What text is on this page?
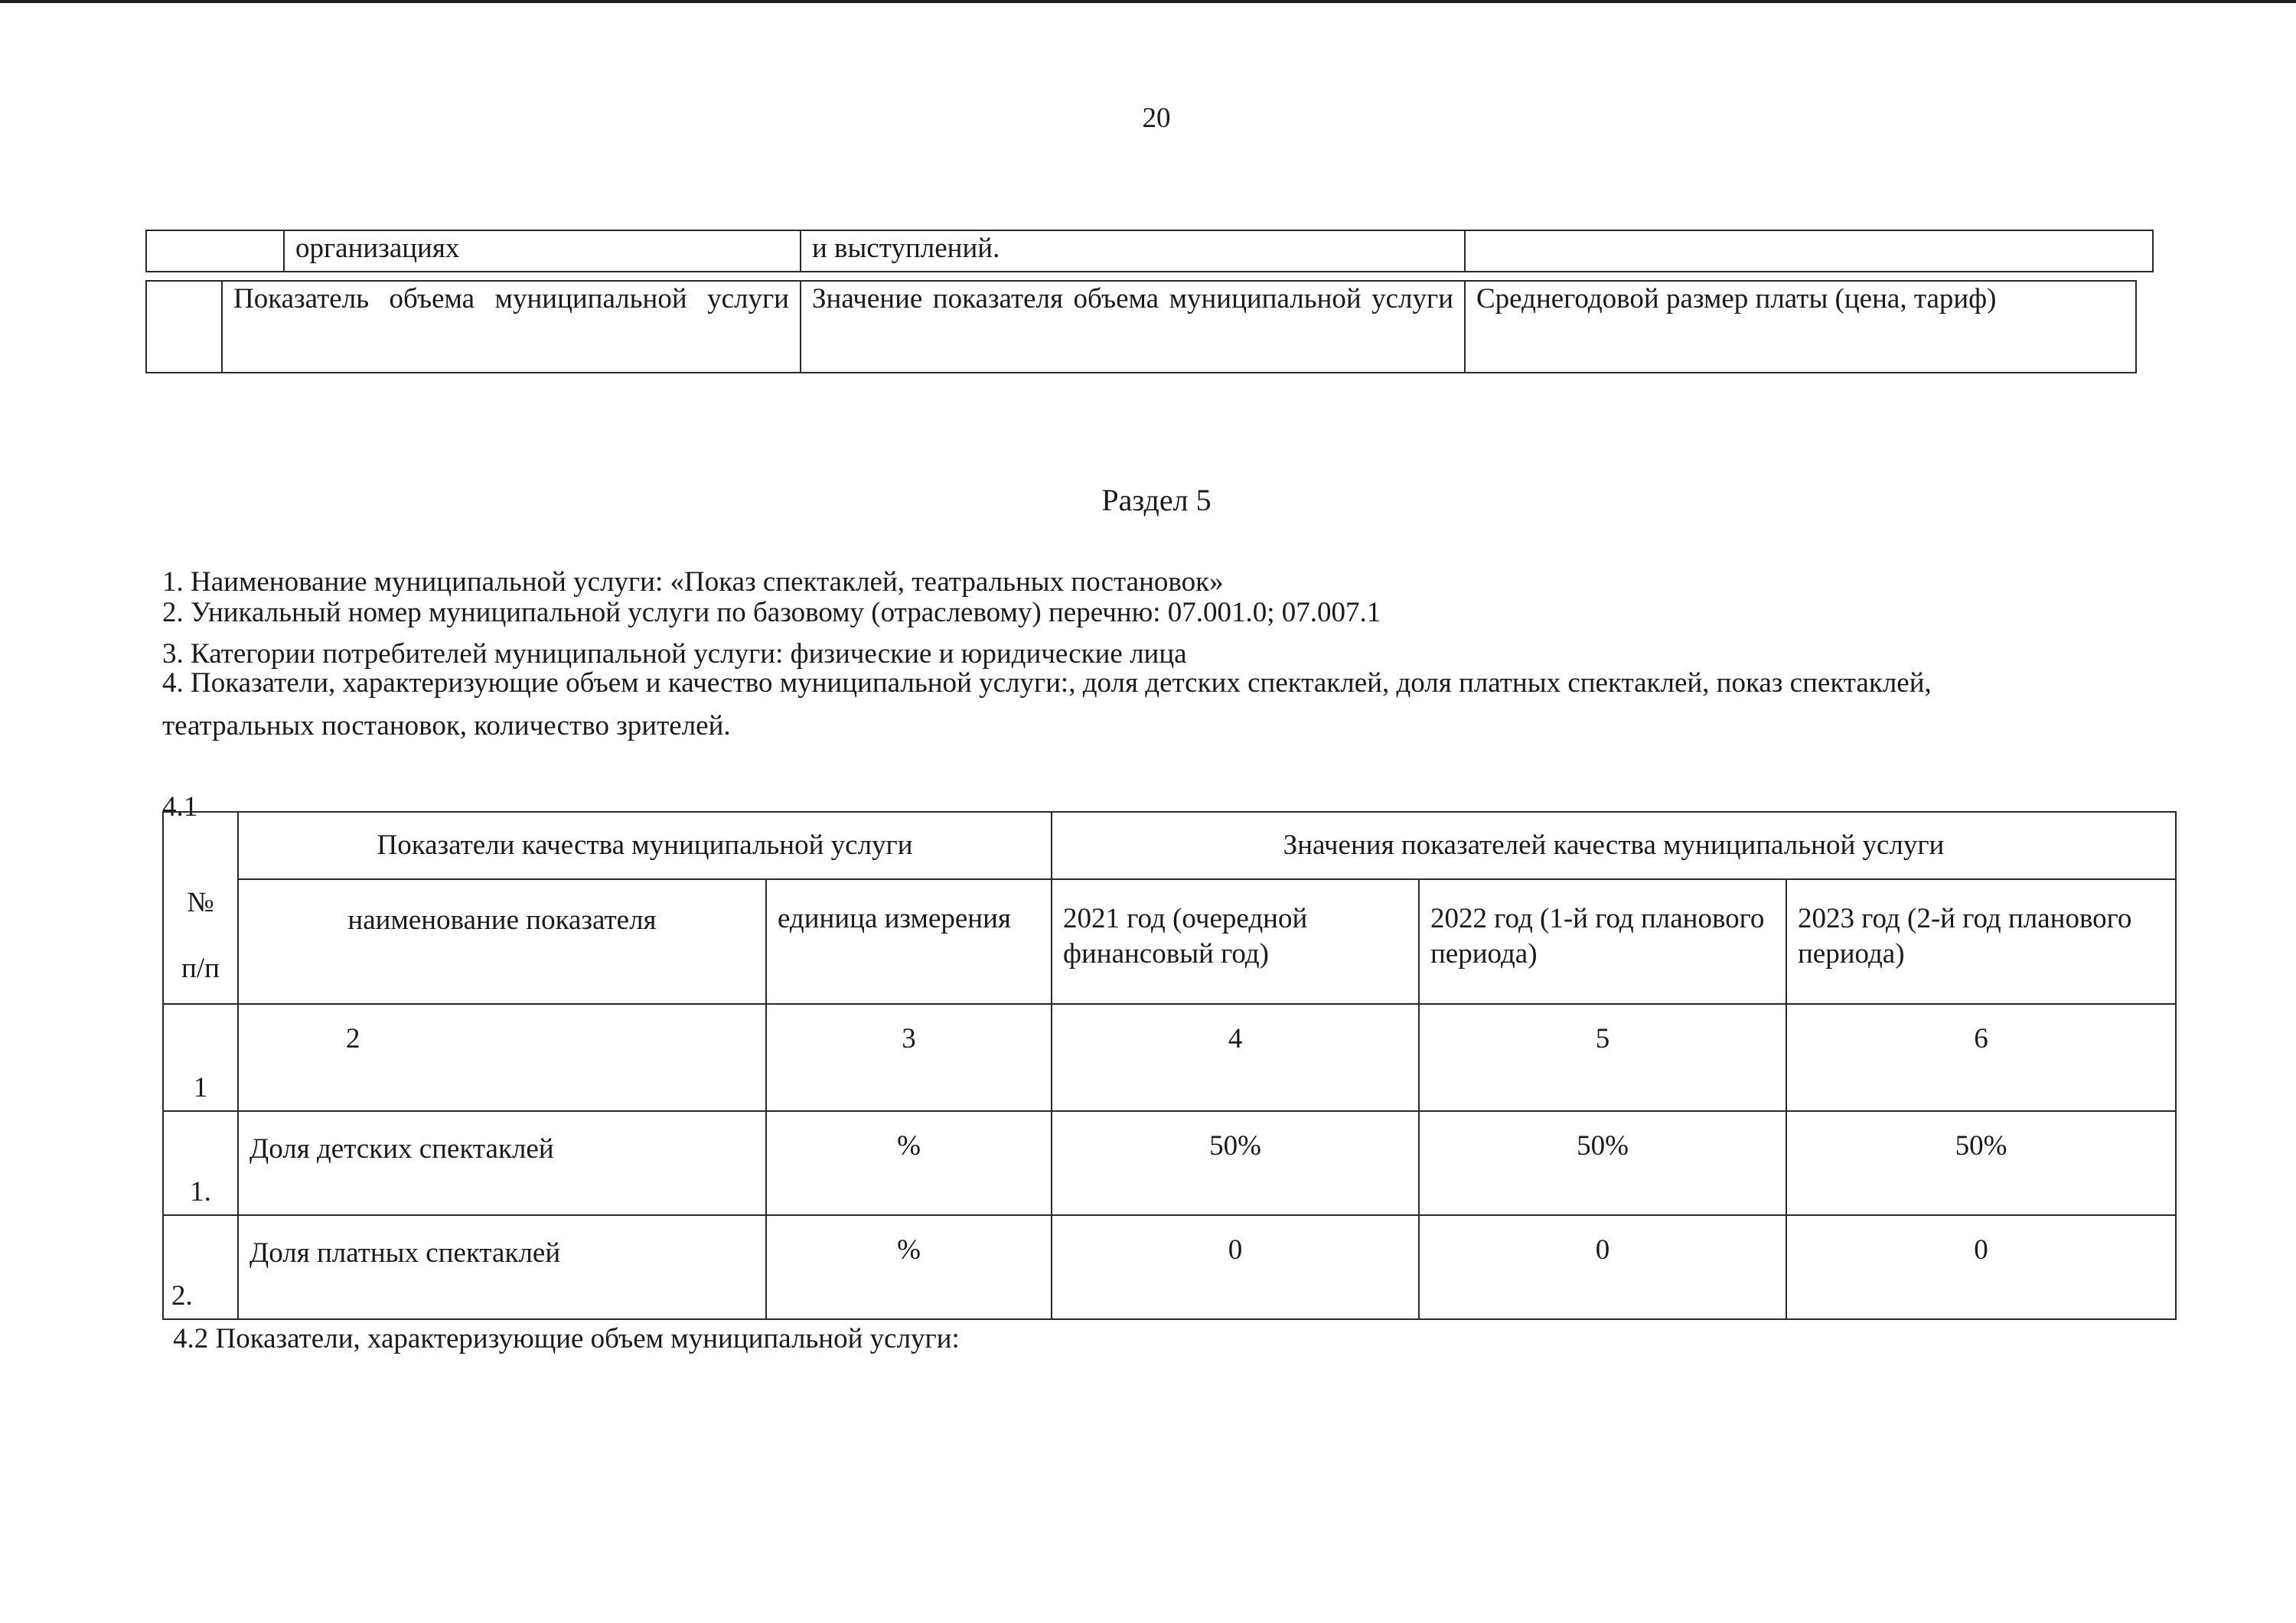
20
	организациях	и выступлений.	

Показатель объема муниципальной услуги	Значение показателя объема муниципальной услуги	Среднегодовой размер платы (цена, тариф)
Раздел 5
1. Наименование муниципальной услуги: «Показ спектаклей, театральных постановок»
2. Уникальный номер муниципальной услуги по базовому (отраслевому) перечню: 07.001.0; 07.007.1
3. Категории потребителей муниципальной услуги: физические и юридические лица
4. Показатели, характеризующие объем и качество муниципальной услуги:, доля детских спектаклей, доля платных спектаклей, показ спектаклей, театральных постановок, количество зрителей.
4.1
№
п/п	Показатели качества муниципальной услуги		Значения показателей качества муниципальной услуги		
	наименование показателя	единица измерения	2021 год (очередной финансовый год)	2022 год (1-й год планового периода)	2023 год (2-й год планового периода)
1	2	3	4	5	6
1.	Доля детских спектаклей	%	50%	50%	50%
2.	Доля платных спектаклей	%	0	0	0
4.2 Показатели, характеризующие объем муниципальной услуги:
